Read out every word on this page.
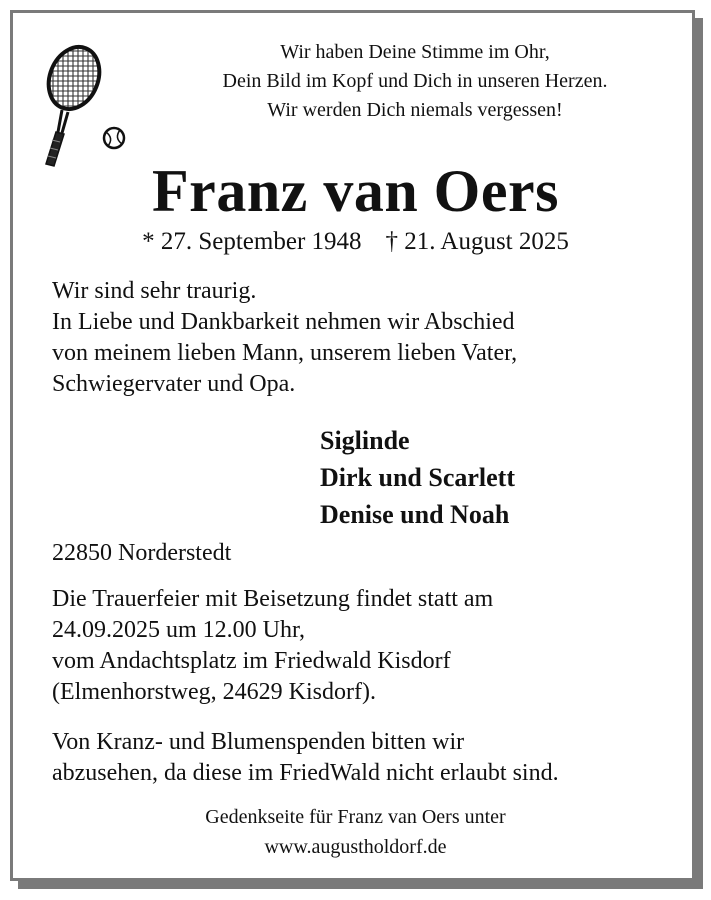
Wir haben Deine Stimme im Ohr,
Dein Bild im Kopf und Dich in unseren Herzen.
Wir werden Dich niemals vergessen!
Franz van Oers
* 27. September 1948 † 21. August 2025
Wir sind sehr traurig.
In Liebe und Dankbarkeit nehmen wir Abschied
von meinem lieben Mann, unserem lieben Vater,
Schwiegervater und Opa.
Siglinde
Dirk und Scarlett
Denise und Noah
22850 Norderstedt
Die Trauerfeier mit Beisetzung findet statt am
24.09.2025 um 12.00 Uhr,
vom Andachtsplatz im Friedwald Kisdorf
(Elmenhorstweg, 24629 Kisdorf).
Von Kranz- und Blumenspenden bitten wir
abzusehen, da diese im FriedWald nicht erlaubt sind.
Gedenkseite für Franz van Oers unter
www.augustholdorf.de
